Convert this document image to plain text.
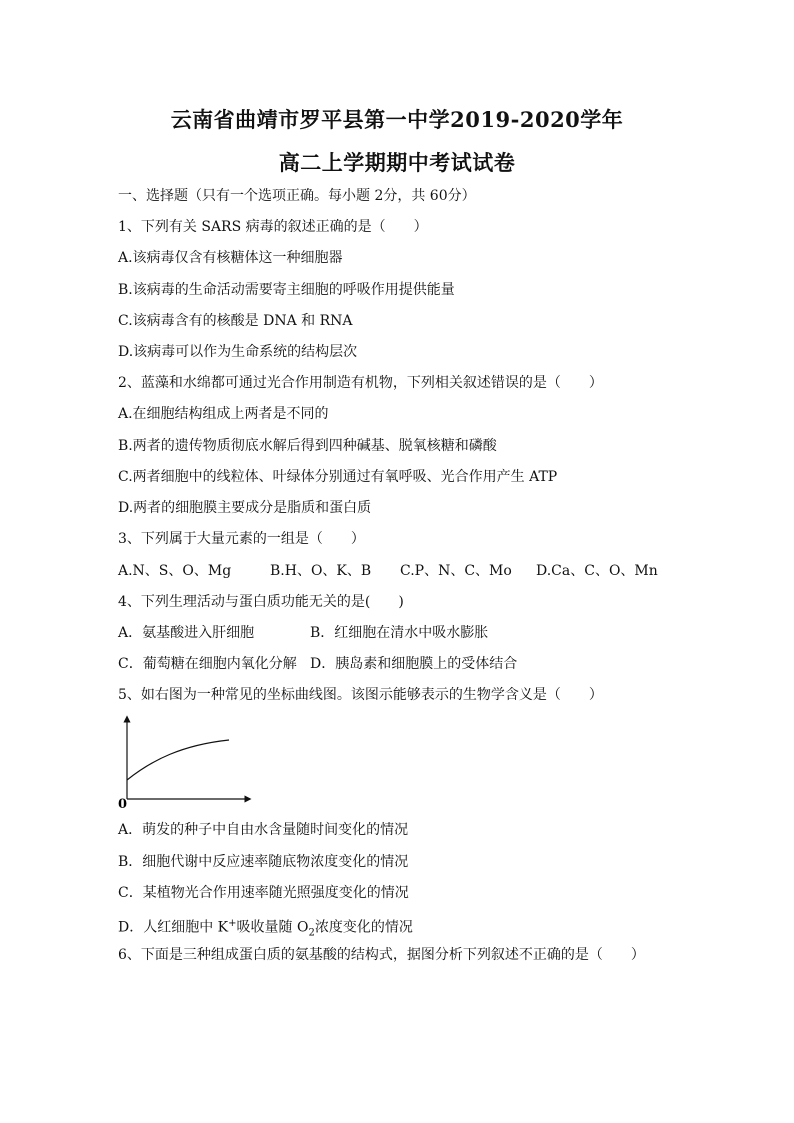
云南省曲靖市罗平县第一中学2019-2020学年
高二上学期期中考试试卷
一、选择题（只有一个选项正确。每小题 2分，共 60分）
1、下列有关 SARS 病毒的叙述正确的是（　　）
A.该病毒仅含有核糖体这一种细胞器
B.该病毒的生命活动需要寄主细胞的呼吸作用提供能量
C.该病毒含有的核酸是 DNA 和 RNA
D.该病毒可以作为生命系统的结构层次
2、蓝藻和水绵都可通过光合作用制造有机物，下列相关叙述错误的是（　　）
A.在细胞结构组成上两者是不同的
B.两者的遗传物质彻底水解后得到四种碱基、脱氧核糖和磷酸
C.两者细胞中的线粒体、叶绿体分别通过有氧呼吸、光合作用产生 ATP
D.两者的细胞膜主要成分是脂质和蛋白质
3、下列属于大量元素的一组是（　　）
A.N、S、O、Mg	B.H、O、K、B C.P、N、C、Mo D.Ca、C、O、Mn
4、下列生理活动与蛋白质功能无关的是(　　)
A．氨基酸进入肝细胞	B．红细胞在清水中吸水膨胀
C．葡萄糖在细胞内氧化分解 D．胰岛素和细胞膜上的受体结合
5、如右图为一种常见的坐标曲线图。该图示能够表示的生物学含义是（　　）
0
A．萌发的种子中自由水含量随时间变化的情况
B．细胞代谢中反应速率随底物浓度变化的情况
C．某植物光合作用速率随光照强度变化的情况
D．人红细胞中 K+吸收量随 $O_2$浓度变化的情况
6、下面是三种组成蛋白质的氨基酸的结构式，据图分析下列叙述不正确的是（　　）
